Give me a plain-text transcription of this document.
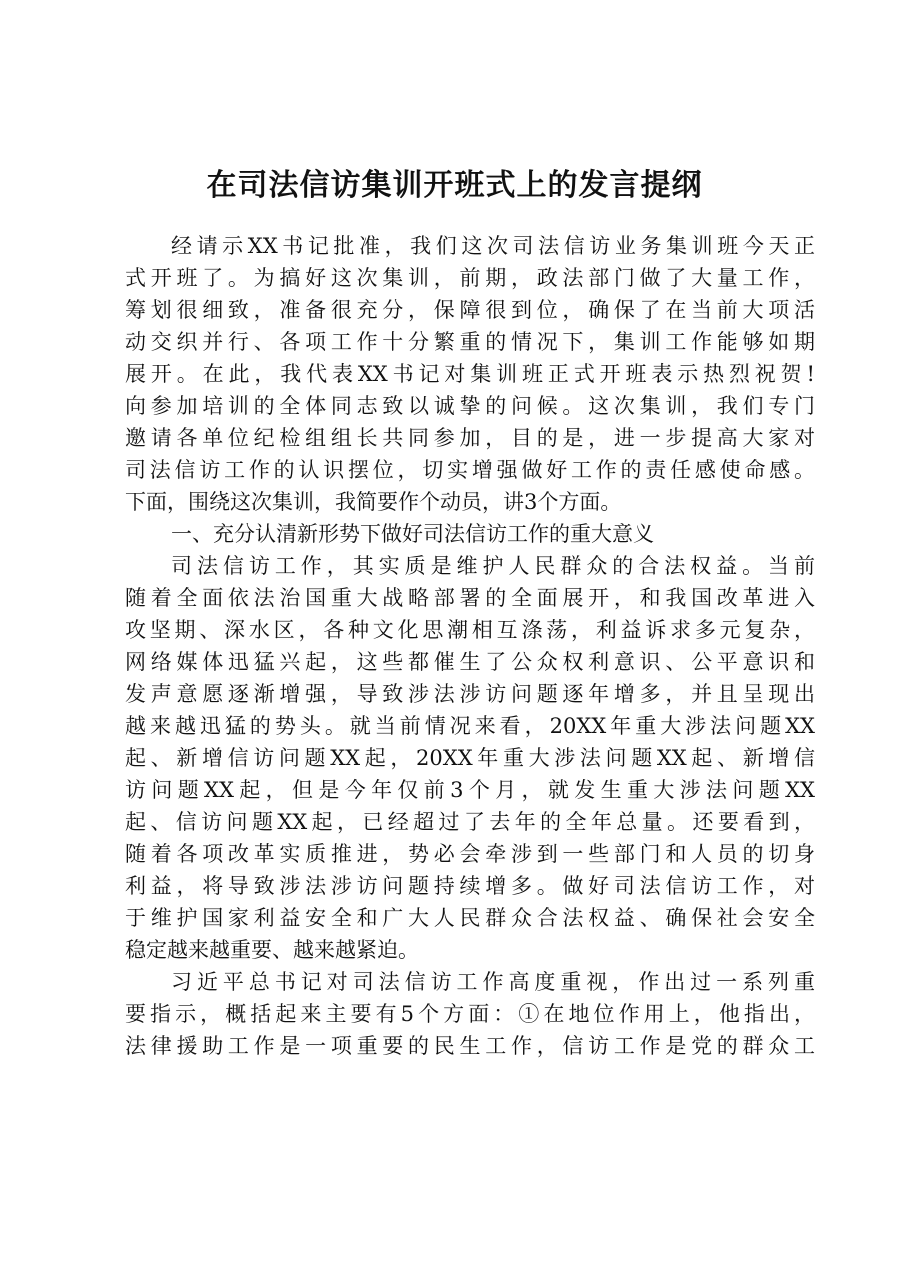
在司法信访集训开班式上的发言提纲
经请示XX书记批准，我们这次司法信访业务集训班今天正
式开班了。为搞好这次集训，前期，政法部门做了大量工作，
筹划很细致，准备很充分，保障很到位，确保了在当前大项活
动交织并行、各项工作十分繁重的情况下，集训工作能够如期
展开。在此，我代表XX书记对集训班正式开班表示热烈祝贺!
向参加培训的全体同志致以诚挚的问候。这次集训，我们专门
邀请各单位纪检组组长共同参加，目的是，进一步提高大家对
司法信访工作的认识摆位，切实增强做好工作的责任感使命感。
下面，围绕这次集训，我简要作个动员，讲3个方面。
一、充分认清新形势下做好司法信访工作的重大意义
司法信访工作，其实质是维护人民群众的合法权益。当前
随着全面依法治国重大战略部署的全面展开，和我国改革进入
攻坚期、深水区，各种文化思潮相互涤荡，利益诉求多元复杂，
网络媒体迅猛兴起，这些都催生了公众权利意识、公平意识和
发声意愿逐渐增强，导致涉法涉访问题逐年增多，并且呈现出
越来越迅猛的势头。就当前情况来看，20XX年重大涉法问题XX
起、新增信访问题XX起，20XX年重大涉法问题XX起、新增信
访问题XX起，但是今年仅前3个月，就发生重大涉法问题XX
起、信访问题XX起，已经超过了去年的全年总量。还要看到，
随着各项改革实质推进，势必会牵涉到一些部门和人员的切身
利益，将导致涉法涉访问题持续增多。做好司法信访工作，对
于维护国家利益安全和广大人民群众合法权益、确保社会安全
稳定越来越重要、越来越紧迫。
习近平总书记对司法信访工作高度重视，作出过一系列重
要指示，概括起来主要有5个方面：①在地位作用上，他指出，
法律援助工作是一项重要的民生工作，信访工作是党的群众工
